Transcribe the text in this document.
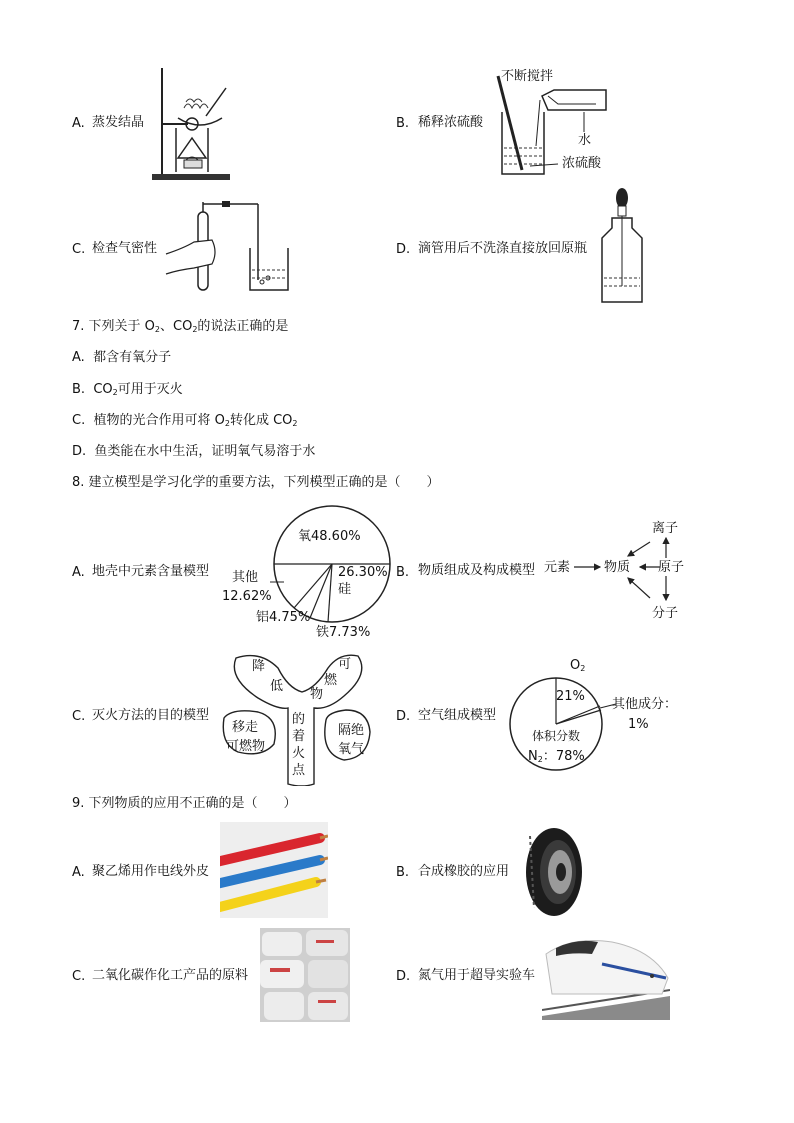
A. 蒸发结晶	B. 稀释浓硫酸
不断搅拌
水
浓硫酸
C. 检查气密性	D. 滴管用后不洗涤直接放回原瓶
7. 下列关于 $O_2$、$CO_2$的说法正确的是
A. 都含有氧分子
B. $CO_2$可用于灭火
C. 植物的光合作用可将 $O_2$转化成 $CO_2$
D. 鱼类能在水中生活，证明氧气易溶于水
8. 建立模型是学习化学的重要方法，下列模型正确的是（　　）
A. 地壳中元素含量模型
氧48.60%
26.30%
硅
其他
12.62%
铝4.75%
铁7.73%
B. 物质组成及构成模型 元素	物质
离子
原子
分子
C. 灭火方法的目的模型
降
低
可
燃
物
的
着
火
点
移走
可燃物
隔绝
氧气
D. 空气组成模型
$O_2$
21%
其他成分：
1%
体积分数
$N_2$：78%
9. 下列物质的应用不正确的是（　　）
A. 聚乙烯用作电线外皮	B. 合成橡胶的应用
C. 二氧化碳作化工产品的原料	D. 氮气用于超导实验车
